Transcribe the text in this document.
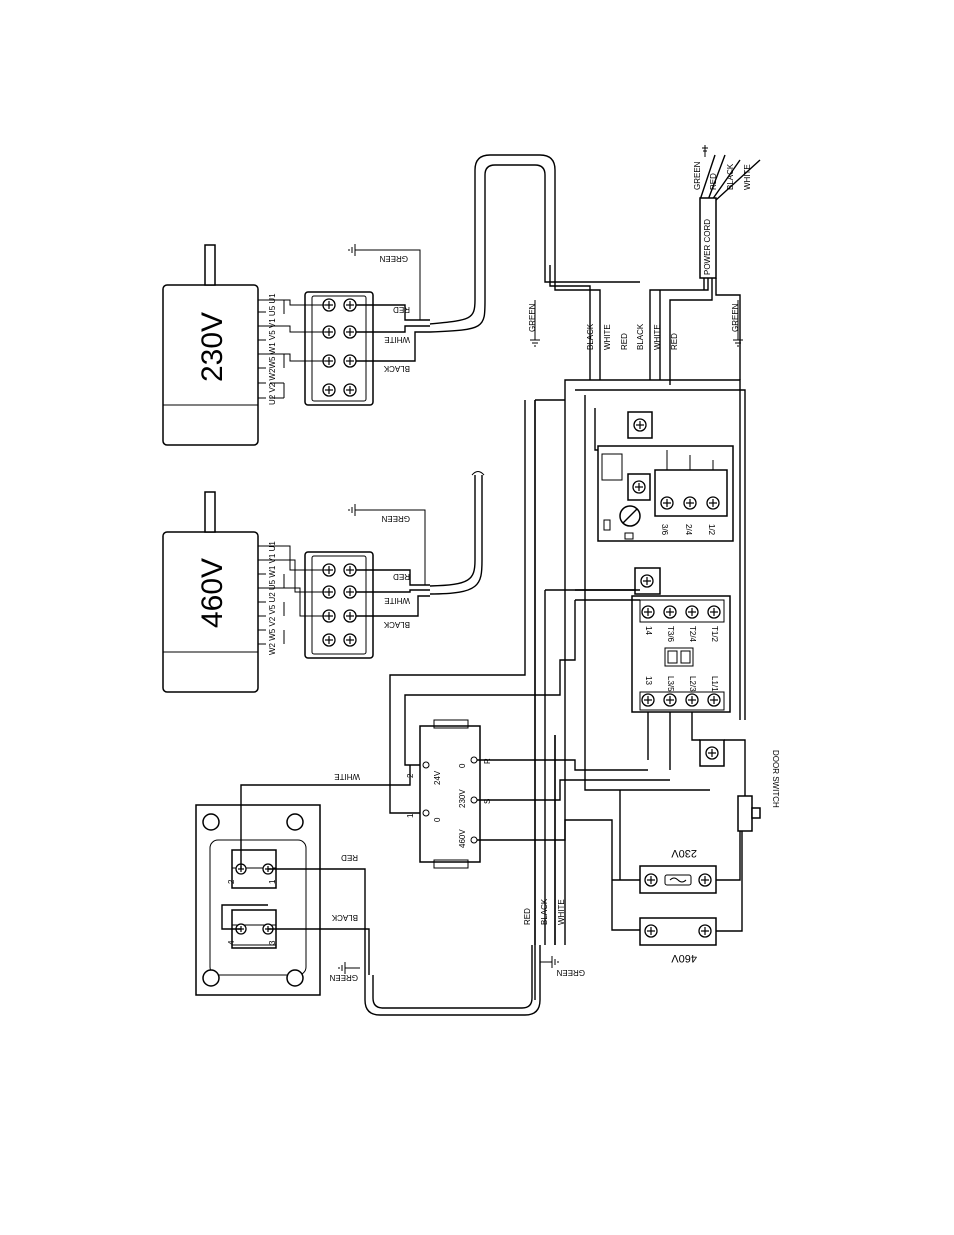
230V	U2 V2 W2W5 W1 V5 V1 U5 U1	RED
WHITE
BLACK
GREEN
460V	W2 W5 V2 V5 U2 U5 W1 V1 U1	RED
WHITE
BLACK
GREEN
POWER CORD
GREEN RED BLACK WHITE
GREEN
BLACK WHITE RED BLACK WHITE RED
GREEN
3/6 2/4 1/2
14 T3/6 T2/4 T1/2
13 L3/5 L2/3 L1/1
2
1
24V
0
0
230V
460V
R
S
230V
460V
DOOR SWITCH
2	1
4	3
WHITE
RED
BLACK
GREEN
RED BLACK WHITE
GREEN
